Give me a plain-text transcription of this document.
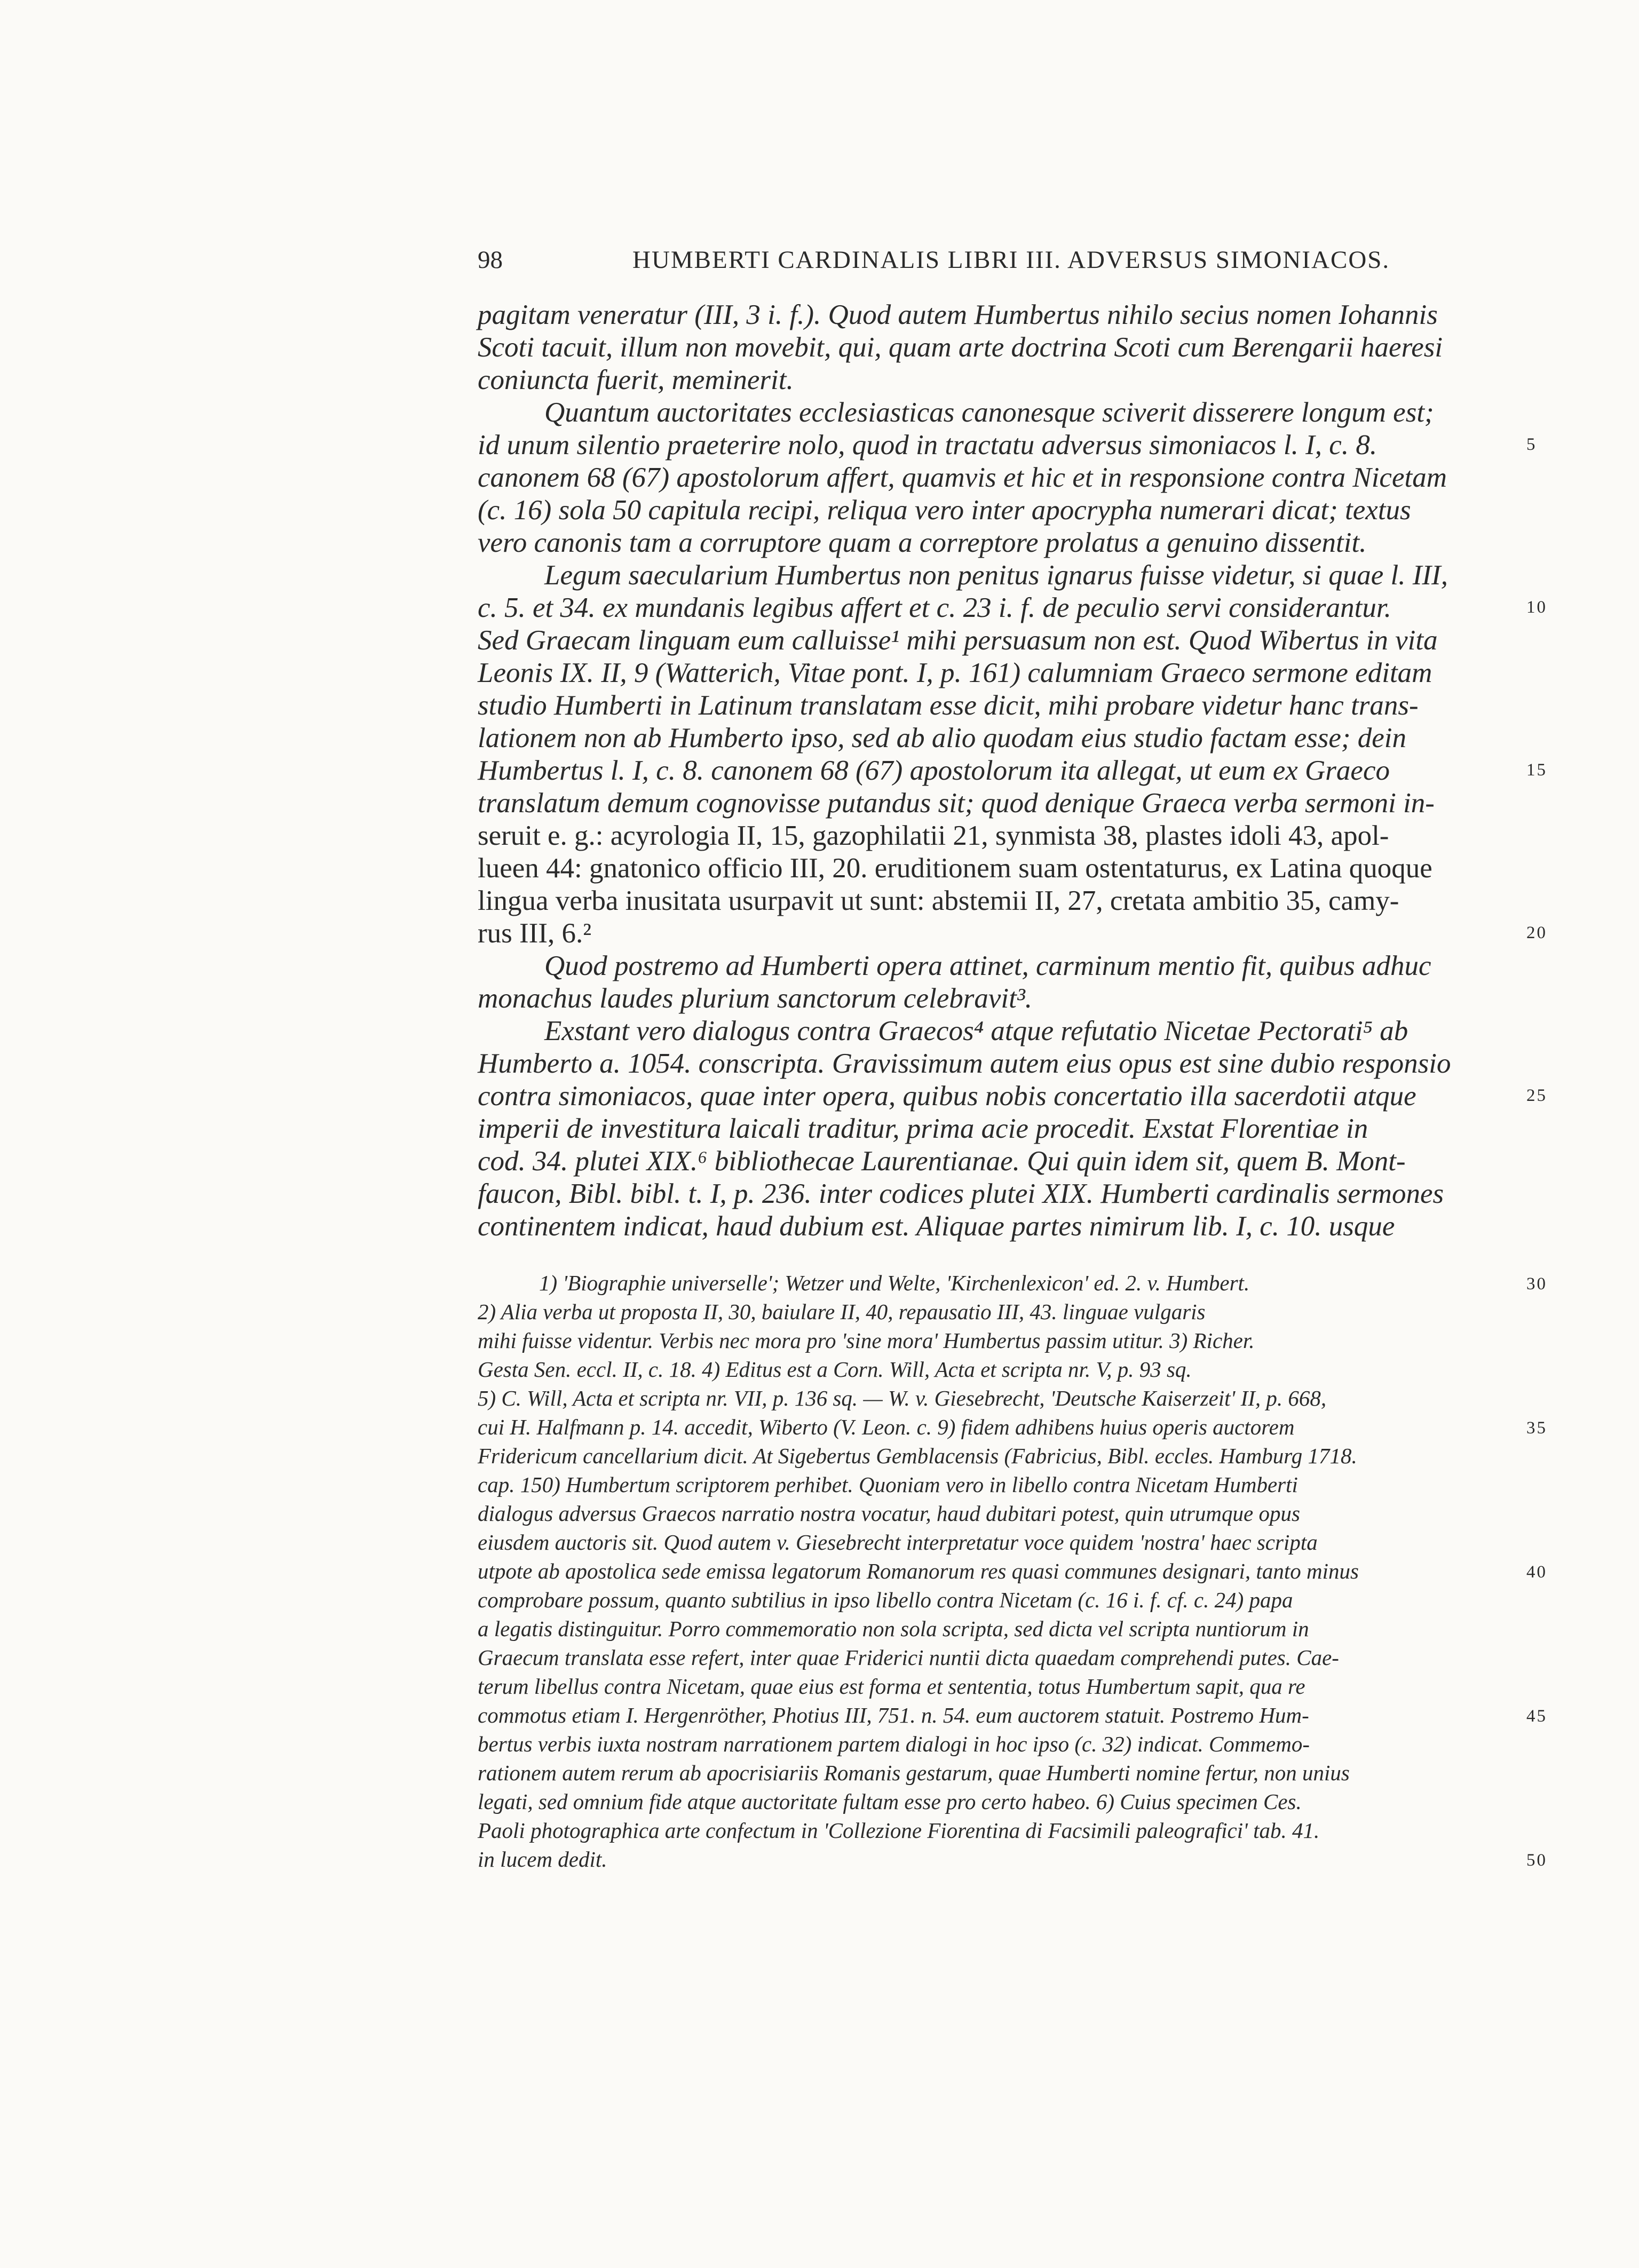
98	HUMBERTI CARDINALIS LIBRI III. ADVERSUS SIMONIACOS.
pagitam veneratur (III, 3 i. f.). Quod autem Humbertus nihilo secius nomen Iohannis
Scoti tacuit, illum non movebit, qui, quam arte doctrina Scoti cum Berengarii haeresi
coniuncta fuerit, meminerit.
Quantum auctoritates ecclesiasticas canonesque sciverit disserere longum est;
id unum silentio praeterire nolo, quod in tractatu adversus simoniacos l. I, c. 8.
canonem 68 (67) apostolorum affert, quamvis et hic et in responsione contra Nicetam
(c. 16) sola 50 capitula recipi, reliqua vero inter apocrypha numerari dicat; textus
vero canonis tam a corruptore quam a correptore prolatus a genuino dissentit.
Legum saecularium Humbertus non penitus ignarus fuisse videtur, si quae l. III,
c. 5. et 34. ex mundanis legibus affert et c. 23 i. f. de peculio servi considerantur.
Sed Graecam linguam eum calluisse¹ mihi persuasum non est. Quod Wibertus in vita
Leonis IX. II, 9 (Watterich, Vitae pont. I, p. 161) calumniam Graeco sermone editam
studio Humberti in Latinum translatam esse dicit, mihi probare videtur hanc trans-
lationem non ab Humberto ipso, sed ab alio quodam eius studio factam esse; dein
Humbertus l. I, c. 8. canonem 68 (67) apostolorum ita allegat, ut eum ex Graeco
translatum demum cognovisse putandus sit; quod denique Graeca verba sermoni in-
seruit e. g.: acyrologia II, 15, gazophilatii 21, synmista 38, plastes idoli 43, apol-
lueen 44: gnatonico officio III, 20. eruditionem suam ostentaturus, ex Latina quoque
lingua verba inusitata usurpavit ut sunt: abstemii II, 27, cretata ambitio 35, camy-
rus III, 6.²
Quod postremo ad Humberti opera attinet, carminum mentio fit, quibus adhuc
monachus laudes plurium sanctorum celebravit³.
Exstant vero dialogus contra Graecos⁴ atque refutatio Nicetae Pectorati⁵ ab
Humberto a. 1054. conscripta. Gravissimum autem eius opus est sine dubio responsio
contra simoniacos, quae inter opera, quibus nobis concertatio illa sacerdotii atque
imperii de investitura laicali traditur, prima acie procedit. Exstat Florentiae in
cod. 34. plutei XIX.⁶ bibliothecae Laurentianae. Qui quin idem sit, quem B. Mont-
faucon, Bibl. bibl. t. I, p. 236. inter codices plutei XIX. Humberti cardinalis sermones
continentem indicat, haud dubium est. Aliquae partes nimirum lib. I, c. 10. usque
1) 'Biographie universelle'; Wetzer und Welte, 'Kirchenlexicon' ed. 2. v. Humbert.
2) Alia verba ut proposta II, 30, baiulare II, 40, repausatio III, 43. linguae vulgaris
mihi fuisse videntur. Verbis nec mora pro 'sine mora' Humbertus passim utitur. 3) Richer.
Gesta Sen. eccl. II, c. 18. 4) Editus est a Corn. Will, Acta et scripta nr. V, p. 93 sq.
5) C. Will, Acta et scripta nr. VII, p. 136 sq. — W. v. Giesebrecht, 'Deutsche Kaiserzeit' II, p. 668,
cui H. Halfmann p. 14. accedit, Wiberto (V. Leon. c. 9) fidem adhibens huius operis auctorem
Fridericum cancellarium dicit. At Sigebertus Gemblacensis (Fabricius, Bibl. eccles. Hamburg 1718.
cap. 150) Humbertum scriptorem perhibet. Quoniam vero in libello contra Nicetam Humberti
dialogus adversus Graecos narratio nostra vocatur, haud dubitari potest, quin utrumque opus
eiusdem auctoris sit. Quod autem v. Giesebrecht interpretatur voce quidem 'nostra' haec scripta
utpote ab apostolica sede emissa legatorum Romanorum res quasi communes designari, tanto minus
comprobare possum, quanto subtilius in ipso libello contra Nicetam (c. 16 i. f. cf. c. 24) papa
a legatis distinguitur. Porro commemoratio non sola scripta, sed dicta vel scripta nuntiorum in
Graecum translata esse refert, inter quae Friderici nuntii dicta quaedam comprehendi putes. Cae-
terum libellus contra Nicetam, quae eius est forma et sententia, totus Humbertum sapit, qua re
commotus etiam I. Hergenröther, Photius III, 751. n. 54. eum auctorem statuit. Postremo Hum-
bertus verbis iuxta nostram narrationem partem dialogi in hoc ipso (c. 32) indicat. Commemo-
rationem autem rerum ab apocrisiariis Romanis gestarum, quae Humberti nomine fertur, non unius
legati, sed omnium fide atque auctoritate fultam esse pro certo habeo. 6) Cuius specimen Ces.
Paoli photographica arte confectum in 'Collezione Fiorentina di Facsimili paleografici' tab. 41.
in lucem dedit.
5
10
15
20
25
30
35
40
45
50
